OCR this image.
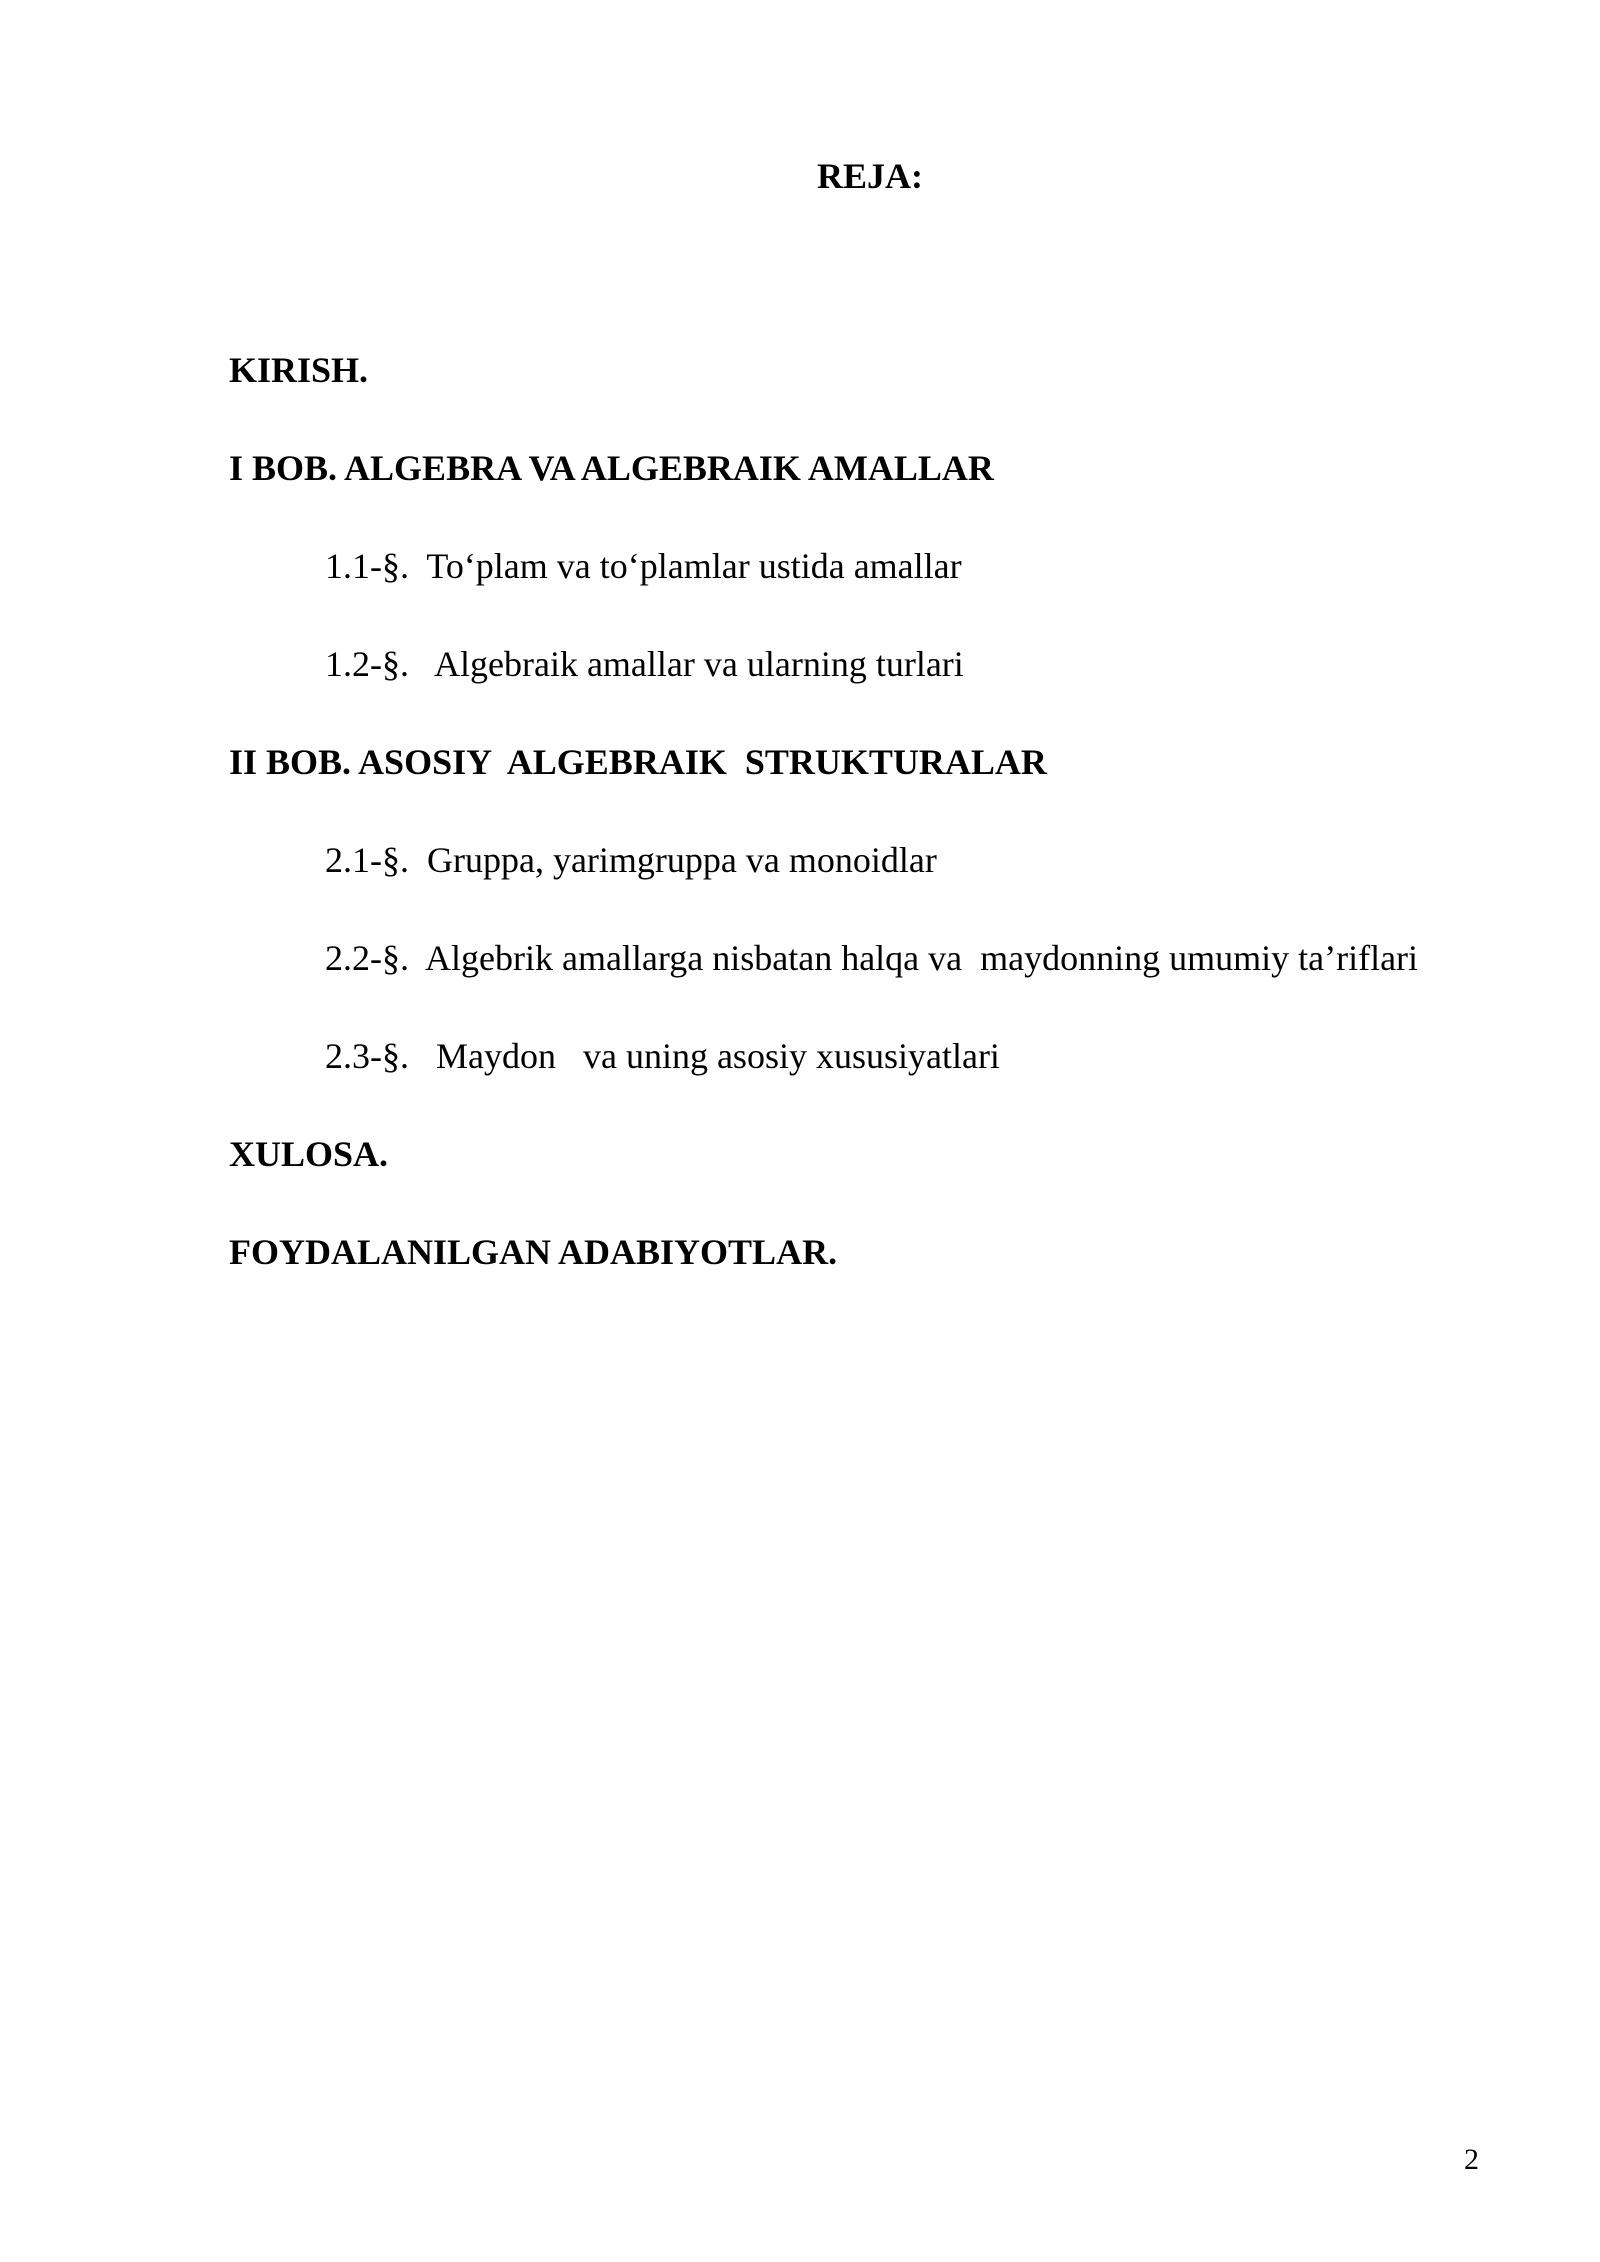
REJA:
KIRISH.
I BOB. ALGEBRA VA ALGEBRAIK AMALLAR
1.1-§.  To‘plam va to‘plamlar ustida amallar
1.2-§.   Algebraik amallar va ularning turlari
II BOB. ASOSIY  ALGEBRAIK  STRUKTURALAR
2.1-§.  Gruppa, yarimgruppa va monoidlar
2.2-§.  Algebrik amallarga nisbatan halqa va  maydonning umumiy ta’riflari
2.3-§.   Maydon   va uning asosiy xususiyatlari
XULOSA.
FOYDALANILGAN ADABIYOTLAR.
2
